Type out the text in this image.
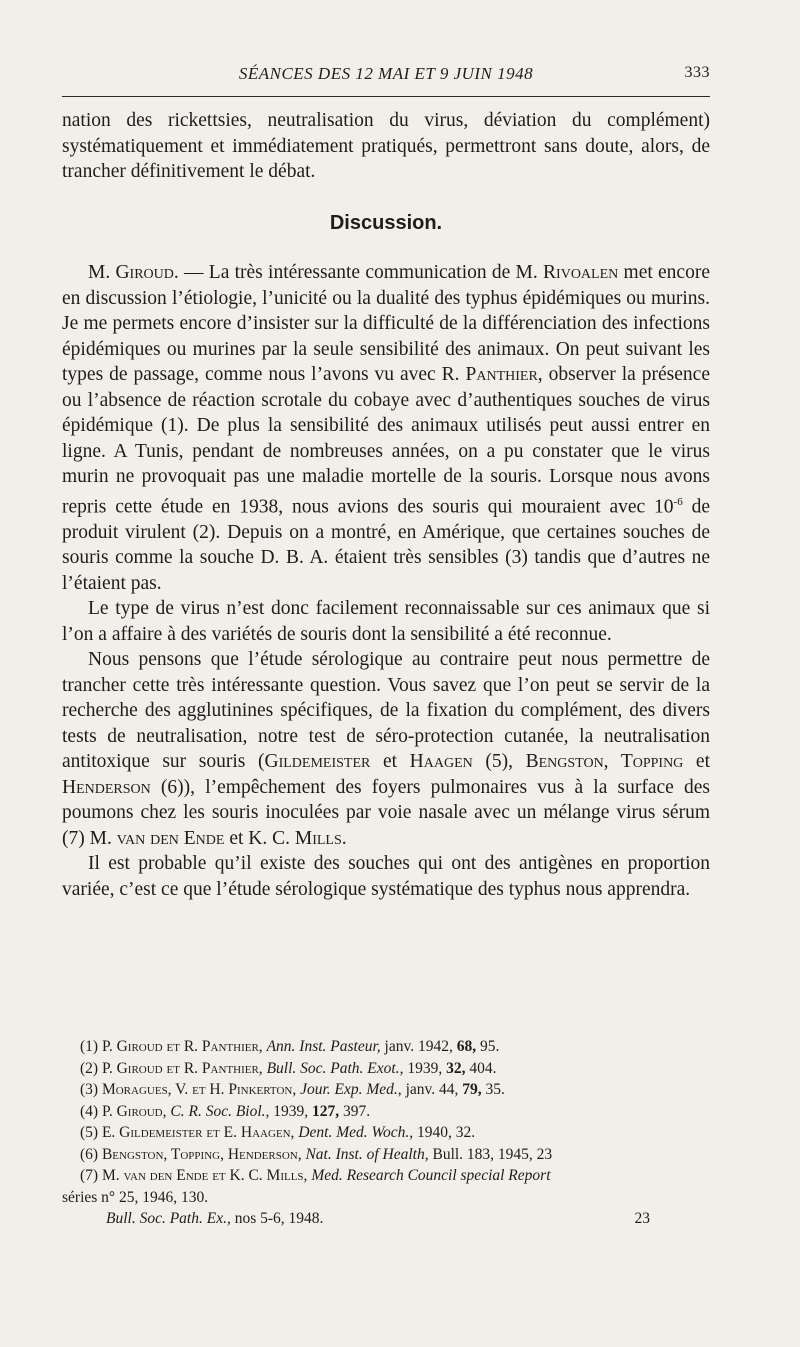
SÉANCES DES 12 MAI ET 9 JUIN 1948	333

nation des rickettsies, neutralisation du virus, déviation du complément) systématiquement et immédiatement pratiqués, permettront sans doute, alors, de trancher définitivement le débat.

Discussion.

M. Giroud. — La très intéressante communication de M. Rivoalen met encore en discussion l’étiologie, l’unicité ou la dualité des typhus épidémiques ou murins. Je me permets encore d’insister sur la difficulté de la différenciation des infections épidémiques ou murines par la seule sensibilité des animaux. On peut suivant les types de passage, comme nous l’avons vu avec R. Panthier, observer la présence ou l’absence de réaction scrotale du cobaye avec d’authentiques souches de virus épidémique (1). De plus la sensibilité des animaux utilisés peut aussi entrer en ligne. A Tunis, pendant de nombreuses années, on a pu constater que le virus murin ne provoquait pas une maladie mortelle de la souris. Lorsque nous avons repris cette étude en 1938, nous avions des souris qui mouraient avec $10^{-6}$ de produit virulent (2). Depuis on a montré, en Amérique, que certaines souches de souris comme la souche D. B. A. étaient très sensibles (3) tandis que d’autres ne l’étaient pas.

Le type de virus n’est donc facilement reconnaissable sur ces animaux que si l’on a affaire à des variétés de souris dont la sensibilité a été reconnue.

Nous pensons que l’étude sérologique au contraire peut nous permettre de trancher cette très intéressante question. Vous savez que l’on peut se servir de la recherche des agglutinines spécifiques, de la fixation du complément, des divers tests de neutralisation, notre test de séro-protection cutanée, la neutralisation antitoxique sur souris (Gildemeister et Haagen (5), Bengston, Topping et Henderson (6)), l’empêchement des foyers pulmonaires vus à la surface des poumons chez les souris inoculées par voie nasale avec un mélange virus sérum (7) M. van den Ende et K. C. Mills.

Il est probable qu’il existe des souches qui ont des antigènes en proportion variée, c’est ce que l’étude sérologique systématique des typhus nous apprendra.

(1) P. Giroud et R. Panthier, Ann. Inst. Pasteur, janv. 1942, 68, 95.
(2) P. Giroud et R. Panthier, Bull. Soc. Path. Exot., 1939, 32, 404.
(3) Moragues, V. et H. Pinkerton, Jour. Exp. Med., janv. 44, 79, 35.
(4) P. Giroud, C. R. Soc. Biol., 1939, 127, 397.
(5) E. Gildemeister et E. Haagen, Dent. Med. Woch., 1940, 32.
(6) Bengston, Topping, Henderson, Nat. Inst. of Health, Bull. 183, 1945, 23
(7) M. van den Ende et K. C. Mills, Med. Research Council special Report
séries n° 25, 1946, 130.
Bull. Soc. Path. Ex., nos 5-6, 1948.	23
